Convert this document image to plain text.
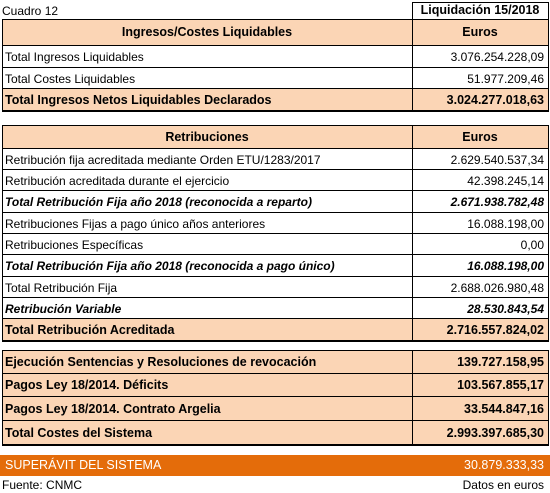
Cuadro 12	Liquidación 15/2018
Ingresos/Costes Liquidables	Euros
Total Ingresos Liquidables	3.076.254.228,09
Total Costes Liquidables	51.977.209,46
Total Ingresos Netos Liquidables Declarados	3.024.277.018,63
Retribuciones	Euros
Retribución fija acreditada mediante Orden ETU/1283/2017	2.629.540.537,34
Retribución acreditada durante el ejercicio	42.398.245,14
Total Retribución Fija año 2018 (reconocida a reparto)	2.671.938.782,48
Retribuciones Fijas a pago único años anteriores	16.088.198,00
Retribuciones Específicas	0,00
Total Retribución Fija año 2018 (reconocida a pago único)	16.088.198,00
Total Retribución Fija	2.688.026.980,48
Retribución Variable	28.530.843,54
Total Retribución Acreditada	2.716.557.824,02
Ejecución Sentencias y Resoluciones de revocación	139.727.158,95
Pagos Ley 18/2014. Déficits	103.567.855,17
Pagos Ley 18/2014. Contrato Argelia	33.544.847,16
Total Costes del Sistema	2.993.397.685,30
SUPERÁVIT DEL SISTEMA	30.879.333,33
Fuente: CNMC	Datos en euros
